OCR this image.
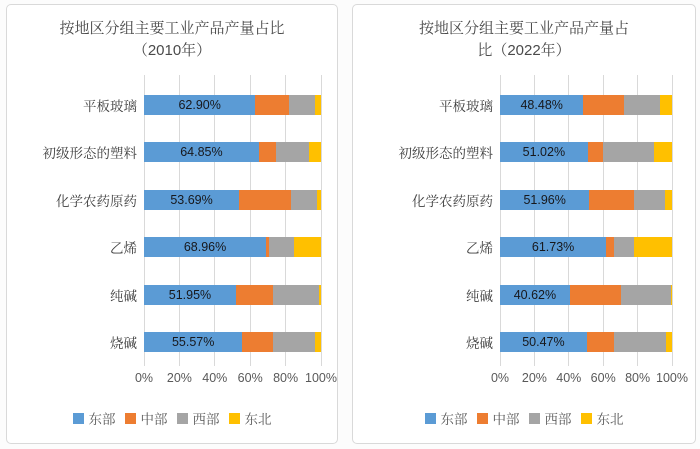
按地区分组主要工业产品产量占比
（2010年）
平板玻璃	62.90%
初级形态的塑料	64.85%
化学农药原药	53.69%
乙烯	68.96%
纯碱	51.95%
烧碱	55.57%
0% 20% 40% 60% 80% 100%
东部 中部 西部 东北
按地区分组主要工业产品产量占
比（2022年）
平板玻璃	48.48%
初级形态的塑料	51.02%
化学农药原药	51.96%
乙烯	61.73%
纯碱	40.62%
烧碱	50.47%
0% 20% 40% 60% 80% 100%
东部 中部 西部 东北
